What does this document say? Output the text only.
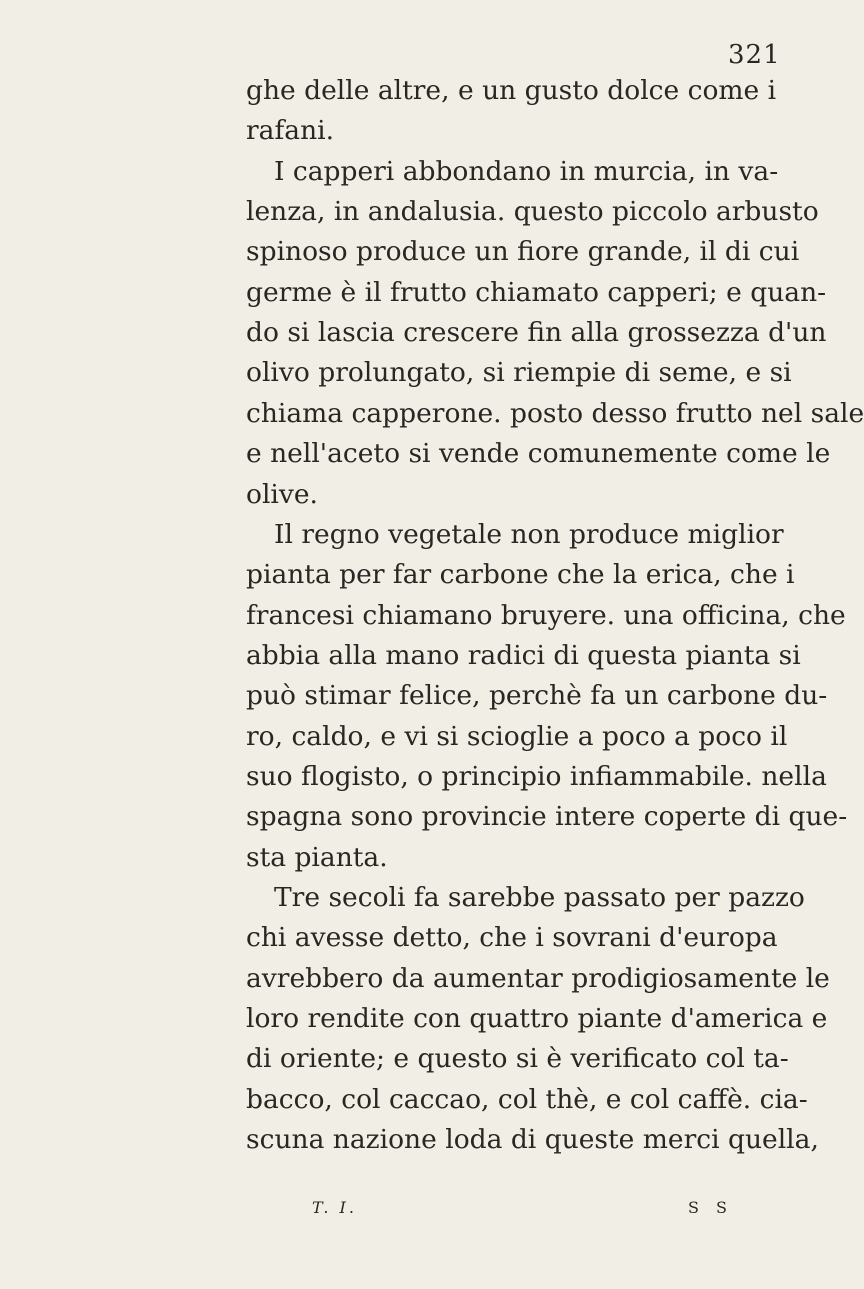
321
ghe delle altre, e un gusto dolce come i
rafani.
I capperi abbondano in murcia, in va-
lenza, in andalusia. questo piccolo arbusto
spinoso produce un fiore grande, il di cui
germe è il frutto chiamato capperi; e quan-
do si lascia crescere fin alla grossezza d'un
olivo prolungato, si riempie di seme, e si
chiama capperone. posto desso frutto nel sale
e nell'aceto si vende comunemente come le
olive.
Il regno vegetale non produce miglior
pianta per far carbone che la erica, che i
francesi chiamano bruyere. una officina, che
abbia alla mano radici di questa pianta si
può stimar felice, perchè fa un carbone du-
ro, caldo, e vi si scioglie a poco a poco il
suo flogisto, o principio infiammabile. nella
spagna sono provincie intere coperte di que-
sta pianta.
Tre secoli fa sarebbe passato per pazzo
chi avesse detto, che i sovrani d'europa
avrebbero da aumentar prodigiosamente le
loro rendite con quattro piante d'america e
di oriente; e questo si è verificato col ta-
bacco, col caccao, col thè, e col caffè. cia-
scuna nazione loda di queste merci quella,
T. I.	S S
